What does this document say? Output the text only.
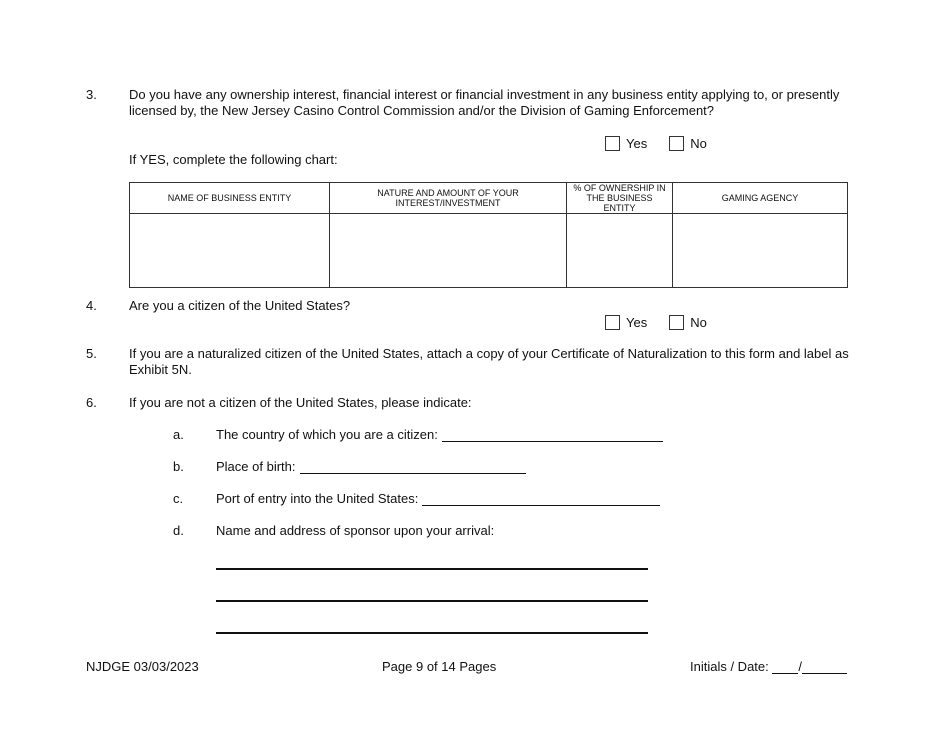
3.	Do you have any ownership interest, financial interest or financial investment in any business entity applying to, or presently licensed by, the New Jersey Casino Control Commission and/or the Division of Gaming Enforcement?
Yes	No
If YES, complete the following chart:
NAME OF BUSINESS ENTITY	NATURE AND AMOUNT OF YOUR INTEREST/INVESTMENT	% OF OWNERSHIP IN THE BUSINESS ENTITY	GAMING AGENCY

4.	Are you a citizen of the United States?
Yes	No
5.	If you are a naturalized citizen of the United States, attach a copy of your Certificate of Naturalization to this form and label as Exhibit 5N.
6.	If you are not a citizen of the United States, please indicate:
a.	The country of which you are a citizen:
b.	Place of birth:
c.	Port of entry into the United States:
d.	Name and address of sponsor upon your arrival:
NJDGE 03/03/2023	Page 9 of 14 Pages	Initials / Date: /
